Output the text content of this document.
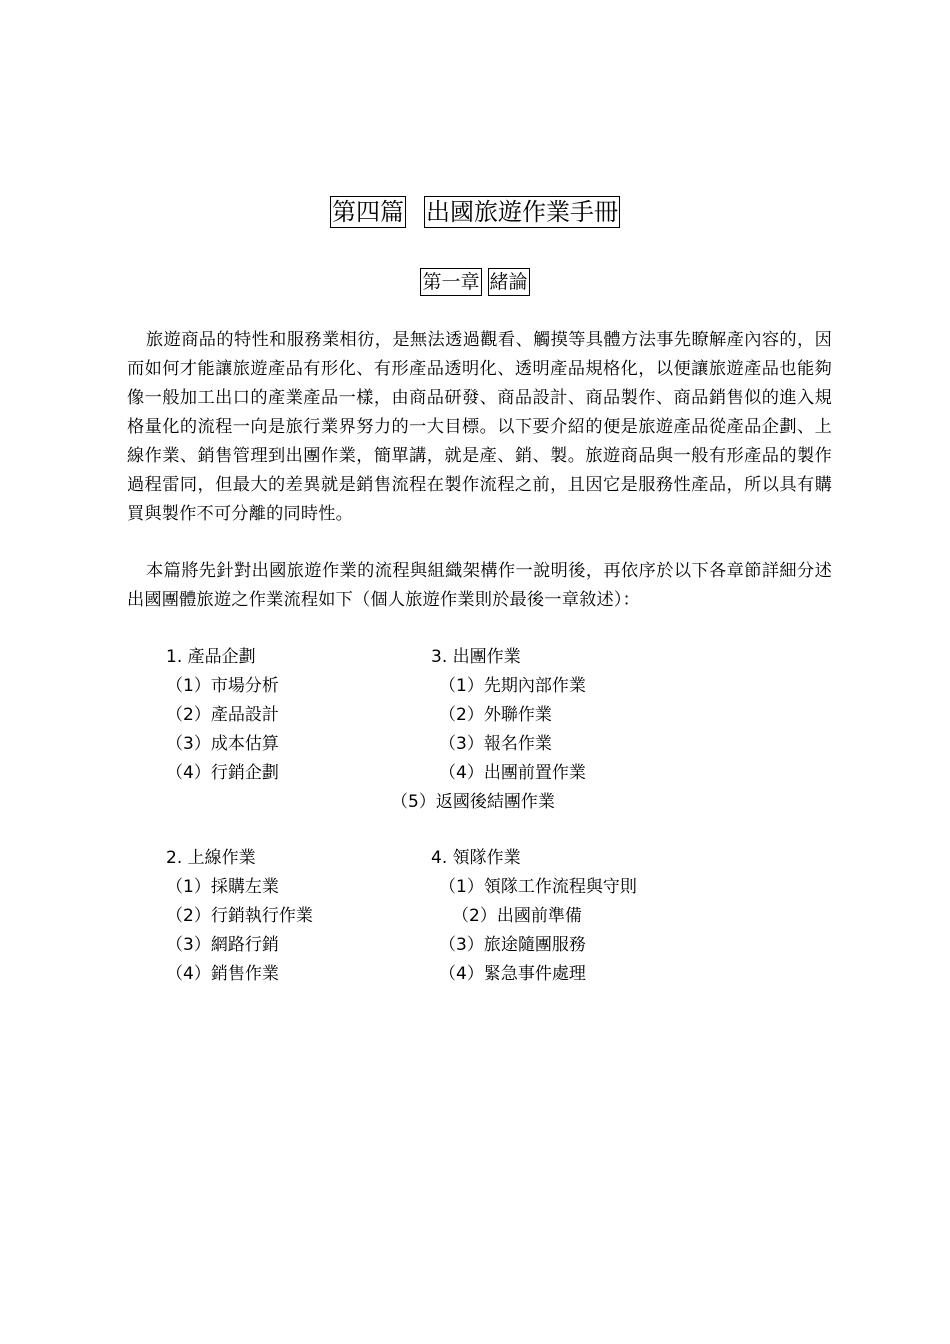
第四篇 出國旅遊作業手冊
第一章 緒論

旅遊商品的特性和服務業相彷，是無法透過觀看、觸摸等具體方法事先瞭解產內容的，因而如何才能讓旅遊產品有形化、有形產品透明化、透明產品規格化，以便讓旅遊產品也能夠像一般加工出口的產業產品一樣，由商品研發、商品設計、商品製作、商品銷售似的進入規格量化的流程一向是旅行業界努力的一大目標。以下要介紹的便是旅遊產品從產品企劃、上線作業、銷售管理到出團作業，簡單講，就是產、銷、製。旅遊商品與一般有形產品的製作過程雷同，但最大的差異就是銷售流程在製作流程之前，且因它是服務性產品，所以具有購買與製作不可分離的同時性。

本篇將先針對出國旅遊作業的流程與組織架構作一說明後，再依序於以下各章節詳細分述出國團體旅遊之作業流程如下（個人旅遊作業則於最後一章敘述）：

1. 產品企劃
（1）市場分析
（2）產品設計
（3）成本估算
（4）行銷企劃
3. 出團作業
（1）先期內部作業
（2）外聯作業
（3）報名作業
（4）出團前置作業
（5）返國後結團作業
2. 上線作業
（1）採購左業
（2）行銷執行作業
（3）網路行銷
（4）銷售作業
4. 領隊作業
（1）領隊工作流程與守則
（2）出國前準備
（3）旅途隨團服務
（4）緊急事件處理
